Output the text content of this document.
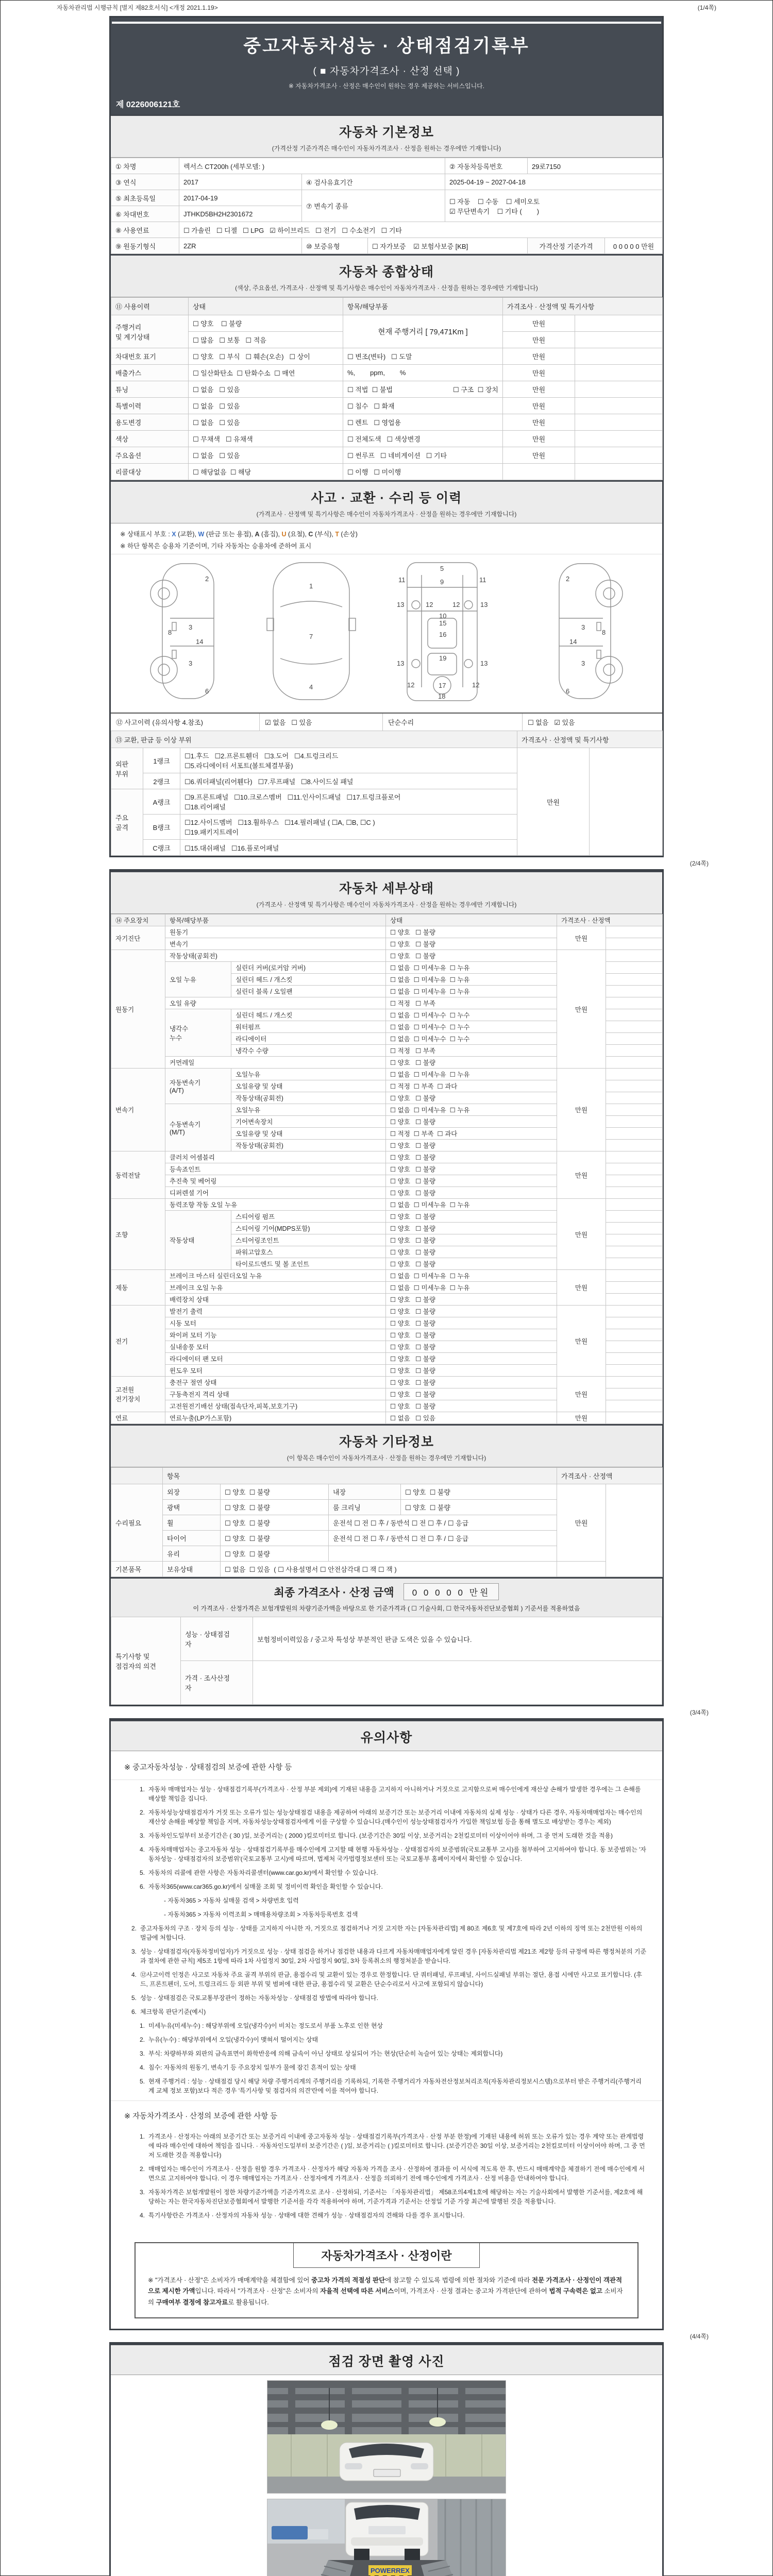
자동차관리법 시행규칙 [별지 제82호서식] <개정 2021.1.19>	(1/4쪽)
중고자동차성능 · 상태점검기록부
( ■ 자동차가격조사 · 산정 선택 )
※ 자동차가격조사 · 산정은 매수인이 원하는 경우 제공하는 서비스입니다.
제 0226006121호
자동차 기본정보
(가격산정 기준가격은 매수인이 자동차가격조사 · 산정을 원하는 경우에만 기재합니다)
① 차명	렉서스 CT200h (세부모델: )			② 자동차등록번호	29로7150	
③ 연식	2017	④ 검사유효기간		2025-04-19 ~ 2027-04-18		
⑤ 최초등록일	2017-04-19	⑦ 변속기 종류		☐ 자동    ☐ 수동    ☐ 세미오토
☑ 무단변속기    ☐ 기타 (        )		

⑥ 차대번호	JTHKD5BH2H2301672					
⑧ 사용연료	☐ 가솔린   ☐ 디젤   ☐ LPG   ☑ 하이브리드   ☐ 전기   ☐ 수소전기   ☐ 기타					
⑨ 원동기형식	2ZR	⑩ 보증유형	☐ 자가보증    ☑ 보험사보증 [KB]		가격산정 기준가격	0 0 0 0 0 만원
자동차 종합상태
(색상, 주요옵션, 가격조사 · 산정액 및 특기사항은 매수인이 자동차가격조사 · 산정을 원하는 경우에만 기재합니다)
⑪ 사용이력	상태	항목/해당부품	가격조사 · 산정액 및 특기사항	
주행거리
및 계기상태	☐ 양호    ☐ 불량	현재 주행거리 [ 79,471Km ]	만원	
	☐ 많음   ☐ 보통   ☐ 적음		만원	
차대번호 표기	☐ 양호   ☐ 부식   ☐ 훼손(오손)   ☐ 상이	☐ 변조(변타)   ☐ 도말	만원	
배출가스	☐ 일산화탄소  ☐ 탄화수소  ☐ 매연	%,        ppm,        %	만원	
튜닝	☐ 없음   ☐ 있음	☐ 적법  ☐ 불법 ☐ 구조  ☐ 장치	만원	
특별이력	☐ 없음   ☐ 있음	☐ 침수   ☐ 화재	만원	
용도변경	☐ 없음   ☐ 있음	☐ 렌트   ☐ 영업용	만원	
색상	☐ 무채색   ☐ 유채색	☐ 전체도색   ☐ 색상변경	만원	
주요옵션	☐ 없음   ☐ 있음	☐ 썬루프   ☐ 네비게이션   ☐ 기타	만원	
리콜대상	☐ 해당없음  ☐ 해당	☐ 이행   ☐ 미이행		
사고 · 교환 · 수리 등 이력
(가격조사 · 산정액 및 특기사항은 매수인이 자동차가격조사 · 산정을 원하는 경우에만 기재합니다)
※ 상태표시 부호 : X (교환), W (판금 또는 용접), A (흠집), U (요철), C (부식), T (손상)
※ 하단 항목은 승용차 기준이며, 기타 자동차는 승용차에 준하여 표시
2
8
3
14
3
6
1
7
4
5
11	11
9
13	13
12	12
10
15
16
19
13	13
12	12
17
18
2
8
3
14
3
6
⑫ 사고이력 (유의사항 4.참조)	☑ 없음   ☐ 있음	단순수리	☐ 없음   ☑ 있음
⑬ 교환, 판금 등 이상 부위			가격조사 · 산정액 및 특기사항	
외판
부위	1랭크	☐1.후드   ☐2.프론트휀더   ☐3.도어   ☐4.트렁크리드
☐5.라디에이터 서포트(볼트체결부품)	만원	
	2랭크	☐6.쿼더패널(리어휀다)   ☐7.루프패널   ☐8.사이드실 패널		
주요
골격	A랭크	☐9.프론트패널   ☐10.크로스멤버   ☐11.인사이드패널   ☐17.트렁크플로어
☐18.리어패널		
	B랭크	☐12.사이드멤버   ☐13.휠하우스   ☐14.필러패널 ( ☐A, ☐B, ☐C )
☐19.패키지트레이		
	C랭크	☐15.대쉬패널   ☐16.플로어패널		
(2/4쪽)
자동차 세부상태
(가격조사 · 산정액 및 특기사항은 매수인이 자동차가격조사 · 산정을 원하는 경우에만 기재합니다)
⑭ 주요장치	항목/해당부품		상태	가격조사 · 산정액	
자기진단	원동기		☐ 양호   ☐ 불량	만원	
	변속기		☐ 양호   ☐ 불량		
원동기	작동상태(공회전)		☐ 양호   ☐ 불량	만원	
	오일 누유	실린더 커버(로커암 커버)	☐ 없음  ☐ 미세누유  ☐ 누유		
		실린더 헤드 / 개스킷	☐ 없음  ☐ 미세누유  ☐ 누유		
		실린더 블록 / 오일팬	☐ 없음  ☐ 미세누유  ☐ 누유		
	오일 유량		☐ 적정   ☐ 부족		
	냉각수
누수	실린더 헤드 / 개스킷	☐ 없음  ☐ 미세누수  ☐ 누수		
		워터펌프	☐ 없음  ☐ 미세누수  ☐ 누수		
		라디에이터	☐ 없음  ☐ 미세누수  ☐ 누수		
		냉각수 수량	☐ 적정   ☐ 부족		
	커먼레일		☐ 양호   ☐ 불량		
변속기	자동변속기
(A/T)	오일누유	☐ 없음  ☐ 미세누유  ☐ 누유	만원	
		오일유량 및 상태	☐ 적정  ☐ 부족  ☐ 과다		
		작동상태(공회전)	☐ 양호   ☐ 불량		
	수동변속기
(M/T)	오일누유	☐ 없음  ☐ 미세누유  ☐ 누유		
		기어변속장치	☐ 양호   ☐ 불량		
		오일유량 및 상태	☐ 적정  ☐ 부족  ☐ 과다		
		작동상태(공회전)	☐ 양호   ☐ 불량		
동력전달	클러치 어셈블리		☐ 양호   ☐ 불량	만원	
	등속죠인트		☐ 양호   ☐ 불량		
	추진축 및 베어링		☐ 양호   ☐ 불량		
	디퍼렌셜 기어		☐ 양호   ☐ 불량		
조향	동력조향 작동 오일 누유		☐ 없음  ☐ 미세누유  ☐ 누유	만원	
	작동상태	스티어링 펌프	☐ 양호   ☐ 불량		
		스티어링 기어(MDPS포함)	☐ 양호   ☐ 불량		
		스티어링조인트	☐ 양호   ☐ 불량		
		파워고압호스	☐ 양호   ☐ 불량		
		타이로드엔드 및 볼 조인트	☐ 양호   ☐ 불량		
제동	브레이크 마스터 실린더오일 누유		☐ 없음  ☐ 미세누유  ☐ 누유	만원	
	브레이크 오일 누유		☐ 없음  ☐ 미세누유  ☐ 누유		
	배력장치 상태		☐ 양호   ☐ 불량		
전기	발전기 출력		☐ 양호   ☐ 불량	만원	
	시동 모터		☐ 양호   ☐ 불량		
	와이퍼 모터 기능		☐ 양호   ☐ 불량		
	실내송풍 모터		☐ 양호   ☐ 불량		
	라디에이터 팬 모터		☐ 양호   ☐ 불량		
	윈도우 모터		☐ 양호   ☐ 불량		
고전원
전기장치	충전구 절연 상태		☐ 양호   ☐ 불량	만원	
	구동축전지 격리 상태		☐ 양호   ☐ 불량		
	고전원전기배선 상태(접속단자,피복,보호기구)		☐ 양호   ☐ 불량		
연료	연료누출(LP가스포함)		☐ 없음   ☐ 있음	만원	
자동차 기타정보
(이 항목은 매수인이 자동차가격조사 · 산정을 원하는 경우에만 기재합니다)
	항목				가격조사 · 산정액	
수리필요	외장	☐ 양호  ☐ 불량	내장	☐ 양호  ☐ 불량	만원	
	광택	☐ 양호  ☐ 불량	룸 크리닝	☐ 양호  ☐ 불량		
	휠	☐ 양호  ☐ 불량	운전석 ☐ 전 ☐ 후 / 동반석 ☐ 전 ☐ 후 / ☐ 응급			
	타이어	☐ 양호  ☐ 불량	운전석 ☐ 전 ☐ 후 / 동반석 ☐ 전 ☐ 후 / ☐ 응급			
	유리	☐ 양호  ☐ 불량				
기본품목	보유상태	☐ 없음  ☐ 있음  ( ☐ 사용설명서 ☐ 안전삼각대 ☐ 잭 ☐ 잭 )				
최종 가격조사 · 산정 금액	0 0 0 0 0 만원
이 가격조사 · 산정가격은 보험개발원의 차량기준가액을 바탕으로 한 기준가격과 ( ☐ 기술사회, ☐ 한국자동차진단보증협회 ) 기준서를 적용하였음
특기사항 및
점검자의 의견	성능 · 상태점검
자	보험정비이력있음 / 중고차 특성상 부분적인 판금 도색은 있을 수 있습니다.
	가격 · 조사산정
자	
(3/4쪽)
유의사항
※ 중고자동차성능 · 상태점검의 보증에 관한 사항 등
1. 자동차 매매업자는 성능 · 상태점검기록부(가격조사 · 산정 부분 제외)에 기재된 내용을 고지하지 아니하거나 거짓으로 고지함으로써 매수인에게 재산상 손해가 발생한 경우에는 그 손해를 배상할 책임을 집니다.
2. 자동차성능상태점검자가 거짓 또는 오류가 있는 성능상태점검 내용을 제공하여 아래의 보증기간 또는 보증거리 이내에 자동차의 실제 성능 · 상태가 다른 경우, 자동차매매업자는 매수인의 재산상 손해를 배상할 책임을 지며, 자동차성능상태점검자에게 이를 구상할 수 있습니다.(매수인이 성능상태점검자가 가입한 책임보험 등을 통해 별도로 배상받는 경우는 제외)
3. 자동차인도일부터 보증기간은 ( 30 )일, 보증거리는 ( 2000 )킬로미터로 합니다. (보증기간은 30일 이상, 보증거리는 2천킬로미터 이상이어야 하며, 그 중 먼저 도래한 것을 적용)
4. 자동차매매업자는 중고자동차 성능 · 상태점검기록부를 매수인에게 고지할 때 현행 자동차성능 · 상태점검자의 보증범위(국토교통부 고시)를 첨부하여 고지하여야 합니다. 동 보증범위는 '자동차성능 · 상태점검자의 보증범위'(국토교통부 고시)에 따르며, 법제처 국가법령정보센터 또는 국토교통부 홈페이지에서 확인할 수 있습니다.
5. 자동차의 리콜에 관한 사항은 자동차리콜센터(www.car.go.kr)에서 확인할 수 있습니다.
6. 자동차365(www.car365.go.kr)에서 실매물 조회 및 정비이력 확인을 확인할 수 있습니다.
- 자동차365 > 자동차 실매물 검색 > 차량번호 입력
- 자동차365 > 자동차 이력조회 > 매매용차량조회 > 자동차등록번호 검색
2. 중고자동차의 구조 · 장치 등의 성능 · 상태를 고지하지 아니한 자, 거짓으로 점검하거나 거짓 고지한 자는 [자동차관리법] 제 80조 제6호 및 제7호에 따라 2년 이하의 징역 또는 2천만원 이하의 벌금에 처합니다.
3. 성능 · 상태점검자(자동차정비업자)가 거짓으로 성능 · 상태 점검을 하거나 점검한 내용과 다르게 자동차매매업자에게 알린 경우 [자동차관리법 제21조 제2항 등의 규정에 따른 행정처분의 기준과 절차에 관한 규칙] 제5조 1항에 따라 1차 사업정지 30일, 2차 사업정지 90일, 3차 등록취소의 행정처분을 받습니다.
4. ⑫사고이력 인정은 사고로 자동차 주요 골격 부위의 판금, 용접수리 및 교환이 있는 경우로 한정합니다. 단 쿼터패널, 루프패널, 사이드실패널 부위는 절단, 용접 시에만 사고로 표기합니다. (후드, 프론트펜더, 도어, 트렁크리드 등 외판 부위 및 범퍼에 대한 판금, 용접수리 및 교환은 단순수리로서 사고에 포함되지 않습니다)
5. 성능 · 상태점검은 국토교통부장관이 정하는 자동차성능 · 상태점검 방법에 따라야 합니다.
6. 체크항목 판단기준(예시)
1. 미세누유(미세누수) : 해당부위에 오일(냉각수)이 비치는 정도로서 부품 노후로 인한 현상
2. 누유(누수) : 해당부위에서 오일(냉각수)이 맺혀서 떨어지는 상태
3. 부식: 차량하부와 외판의 금속표면이 화학반응에 의해 금속이 아닌 상태로 상실되어 가는 현상(단순히 녹슬어 있는 상태는 제외합니다)
4. 침수: 자동차의 원동기, 변속기 등 주요장치 일부가 물에 잠긴 흔적이 있는 상태
5. 현재 주행거리 : 성능 · 상태점검 당시 해당 차량 주행거리계의 주행거리를 기록하되, 기록한 주행거리가 자동차전산정보처리조직(자동차관리정보시스템)으로부터 받은 주행거리(주행거리계 교체 정보 포함)보다 적은 경우 '특기사항 및 점검자의 의견'란에 이를 적어야 합니다.
※ 자동차가격조사 · 산정의 보증에 관한 사항 등
1. 가격조사 · 산정자는 아래의 보증기간 또는 보증거리 이내에 중고자동차 성능 · 상태점검기록부(가격조사 · 산정 부분 한정)에 기재된 내용에 허위 또는 오류가 있는 경우 계약 또는 관계법령에 따라 매수인에 대하여 책임을 집니다. · 자동차인도일부터 보증기간은 ( )일, 보증거리는 ( )킬로미터로 합니다. (보증기간은 30일 이상, 보증거리는 2천킬로미터 이상이어야 하며, 그 중 먼저 도래한 것을 적용합니다)
2. 매매업자는 매수인이 가격조사 · 산정을 원할 경우 가격조사 · 산정자가 해당 자동차 가격을 조사 · 산정하여 결과를 이 서식에 적도록 한 후, 반드시 매매계약을 체결하기 전에 매수인에게 서면으로 고지하여야 합니다. 이 경우 매매업자는 가격조사 · 산정자에게 가격조사 · 산정을 의뢰하기 전에 매수인에게 가격조사 · 산정 비용을 안내하여야 합니다.
3. 자동차가격은 보험개발원이 정한 차량기준가액을 기준가격으로 조사 · 산정하되, 기준서는 「자동차관리법」 제58조의4제1호에 해당하는 자는 기술사회에서 발행한 기준서를, 제2호에 해당하는 자는 한국자동차진단보증협회에서 발행한 기준서를 각각 적용하여야 하며, 기준가격과 기준서는 산정일 기준 가장 최근에 발행된 것을 적용합니다.
4. 특기사항란은 가격조사 · 산정자의 자동차 성능 · 상태에 대한 견해가 성능 · 상태점검자의 견해와 다를 경우 표시합니다.
자동차가격조사 · 산정이란
※ "가격조사 · 산정"은 소비자가 매매계약을 체결함에 있어 중고차 가격의 적절성 판단에 참고할 수 있도록 법령에 의한 절차와 기준에 따라 전문 가격조사 · 산정인이 객관적으로 제시한 가액입니다. 따라서 "가격조사 · 산정"은 소비자의 자율적 선택에 따른 서비스이며, 가격조사 · 산정 결과는 중고차 가격판단에 관하여 법적 구속력은 없고 소비자의 구매여부 결정에 참고자료로 활용됩니다.
(4/4쪽)
점검 장면 촬영 사진
POWERREX
